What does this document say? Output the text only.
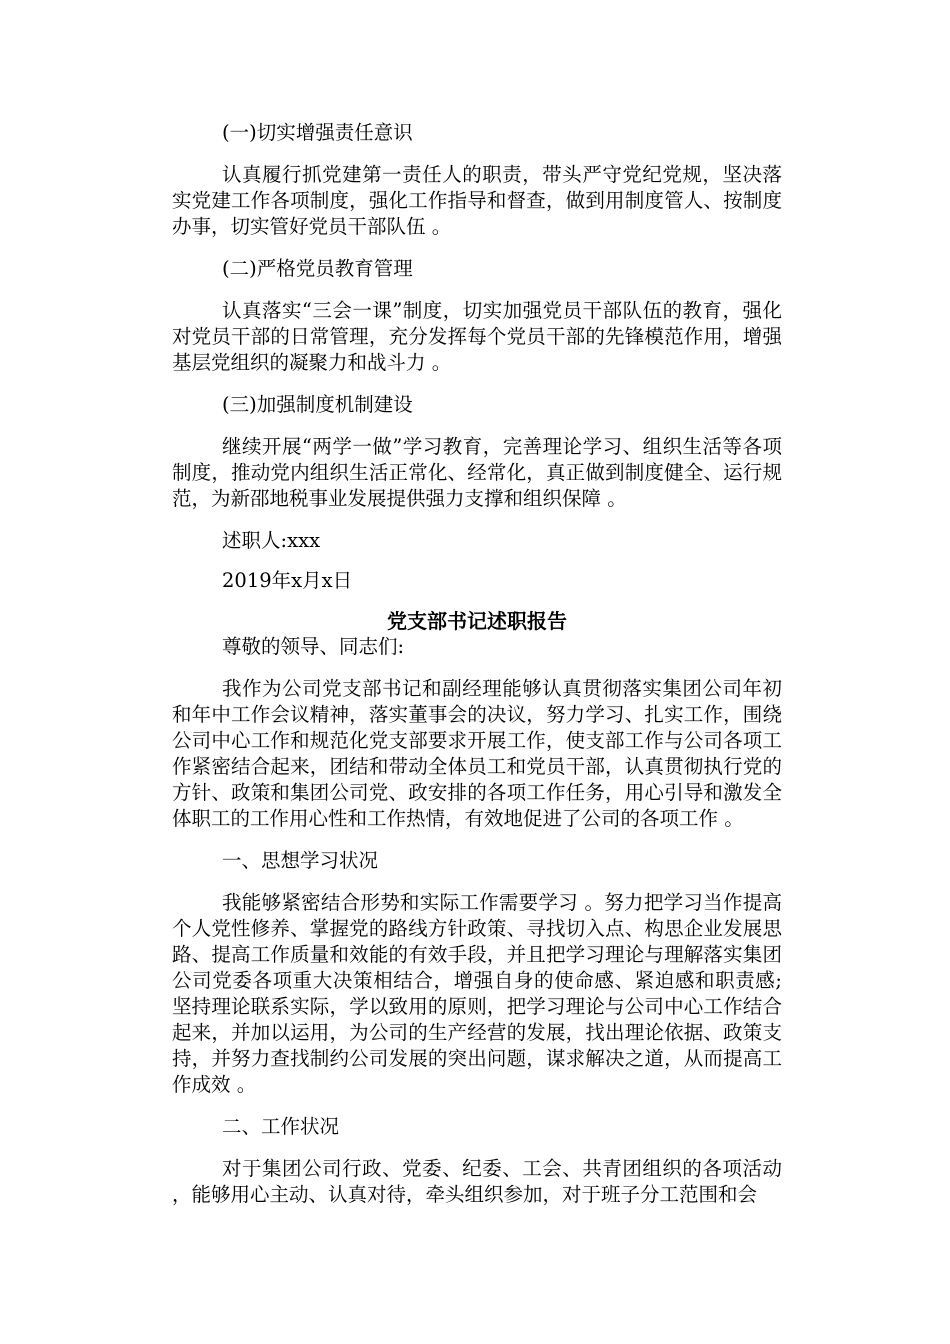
(一)切实增强责任意识

认真履行抓党建第一责任人的职责，带头严守党纪党规，坚决落实党建工作各项制度，强化工作指导和督查，做到用制度管人、按制度办事，切实管好党员干部队伍 。

(二)严格党员教育管理

认真落实“三会一课”制度，切实加强党员干部队伍的教育，强化对党员干部的日常管理，充分发挥每个党员干部的先锋模范作用，增强基层党组织的凝聚力和战斗力 。

(三)加强制度机制建设

继续开展“两学一做”学习教育，完善理论学习、组织生活等各项制度，推动党内组织生活正常化、经常化，真正做到制度健全、运行规范，为新邵地税事业发展提供强力支撑和组织保障 。

述职人:xxx

2019年x月x日

党支部书记述职报告

尊敬的领导、同志们:

我作为公司党支部书记和副经理能够认真贯彻落实集团公司年初和年中工作会议精神，落实董事会的决议，努力学习、扎实工作，围绕公司中心工作和规范化党支部要求开展工作，使支部工作与公司各项工作紧密结合起来，团结和带动全体员工和党员干部，认真贯彻执行党的方针、政策和集团公司党、政安排的各项工作任务，用心引导和激发全体职工的工作用心性和工作热情，有效地促进了公司的各项工作 。

一、思想学习状况

我能够紧密结合形势和实际工作需要学习 。努力把学习当作提高个人党性修养、掌握党的路线方针政策、寻找切入点、构思企业发展思路、提高工作质量和效能的有效手段，并且把学习理论与理解落实集团公司党委各项重大决策相结合，增强自身的使命感、紧迫感和职责感;坚持理论联系实际，学以致用的原则，把学习理论与公司中心工作结合起来，并加以运用，为公司的生产经营的发展，找出理论依据、政策支持，并努力查找制约公司发展的突出问题，谋求解决之道，从而提高工作成效 。

二、工作状况

对于集团公司行政、党委、纪委、工会、共青团组织的各项活动，能够用心主动、认真对待，牵头组织参加，对于班子分工范围和会
